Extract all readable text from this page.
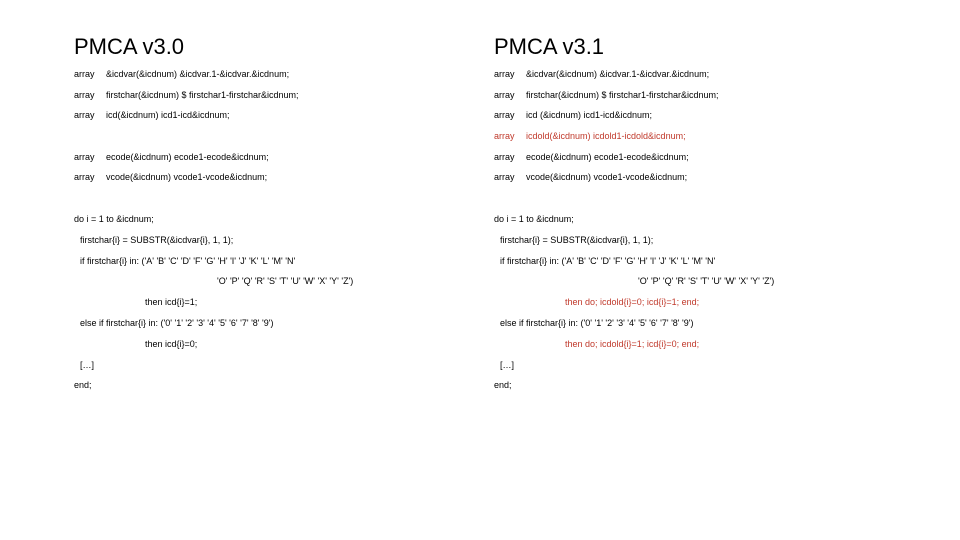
PMCA v3.0
array &icdvar(&icdnum) &icdvar.1-&icdvar.&icdnum;
array firstchar(&icdnum) $ firstchar1-firstchar&icdnum;
array icd(&icdnum) icd1-icd&icdnum;
array ecode(&icdnum) ecode1-ecode&icdnum;
array vcode(&icdnum) vcode1-vcode&icdnum;
do i = 1 to &icdnum;
firstchar{i} = SUBSTR(&icdvar{i}, 1, 1);
if firstchar{i} in: ('A' 'B' 'C' 'D' 'F' 'G' 'H' 'I' 'J' 'K' 'L' 'M' 'N'
'O' 'P' 'Q' 'R' 'S' 'T' 'U' 'W' 'X' 'Y' 'Z')
then icd{i}=1;
else if firstchar{i} in: ('0' '1' '2' '3' '4' '5' '6' '7' '8' '9')
then icd{i}=0;
[…]
end;
PMCA v3.1
array &icdvar(&icdnum) &icdvar.1-&icdvar.&icdnum;
array firstchar(&icdnum) $ firstchar1-firstchar&icdnum;
array icd (&icdnum) icd1-icd&icdnum;
array icdold(&icdnum) icdold1-icdold&icdnum;
array ecode(&icdnum) ecode1-ecode&icdnum;
array vcode(&icdnum) vcode1-vcode&icdnum;
do i = 1 to &icdnum;
firstchar{i} = SUBSTR(&icdvar{i}, 1, 1);
if firstchar{i} in: ('A' 'B' 'C' 'D' 'F' 'G' 'H' 'I' 'J' 'K' 'L' 'M' 'N'
'O' 'P' 'Q' 'R' 'S' 'T' 'U' 'W' 'X' 'Y' 'Z')
then do; icdold{i}=0; icd{i}=1; end;
else if firstchar{i} in: ('0' '1' '2' '3' '4' '5' '6' '7' '8' '9')
then do; icdold{i}=1; icd{i}=0; end;
[…]
end;
